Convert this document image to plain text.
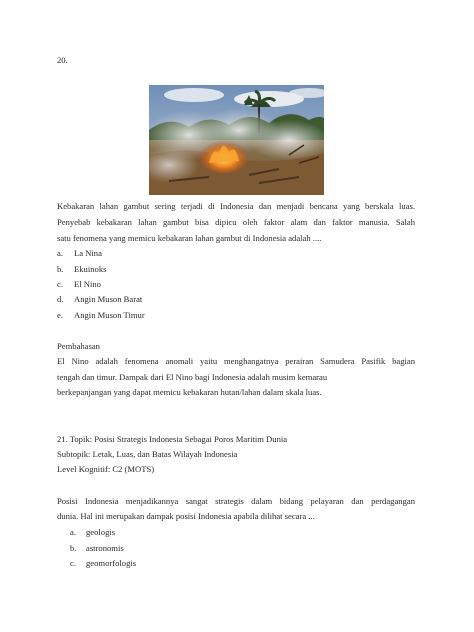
20.
Kebakaran lahan gambut sering terjadi di Indonesia dan menjadi bencana yang berskala luas.
Penyebab kebakaran lahan gambut bisa dipicu oleh faktor alam dan faktor manusia. Salah
satu fenomena yang memicu kebakaran lahan gambut di Indonesia adalah ....
a. La Nina
b. Ekuinoks
c. El Nino
d. Angin Muson Barat
e. Angin Muson Timur
Pembahasan
El Nino adalah fenomena anomali yaitu menghangatnya perairan Samudera Pasifik bagian
tengah dan timur. Dampak dari El Nino bagi Indonesia adalah musim kemarau
berkepanjangan yang dapat memicu kebakaran hutan/lahan dalam skala luas.
21. Topik: Posisi Strategis Indonesia Sebagai Poros Maritim Dunia
Subtopik: Letak, Luas, dan Batas Wilayah Indonesia
Level Kognitif: C2 (MOTS)
Posisi Indonesia menjadikannya sangat strategis dalam bidang pelayaran dan perdagangan
dunia. Hal ini merupakan dampak posisi Indonesia apabila dilihat secara ...
a. geologis
b. astronomis
c. geomorfologis
